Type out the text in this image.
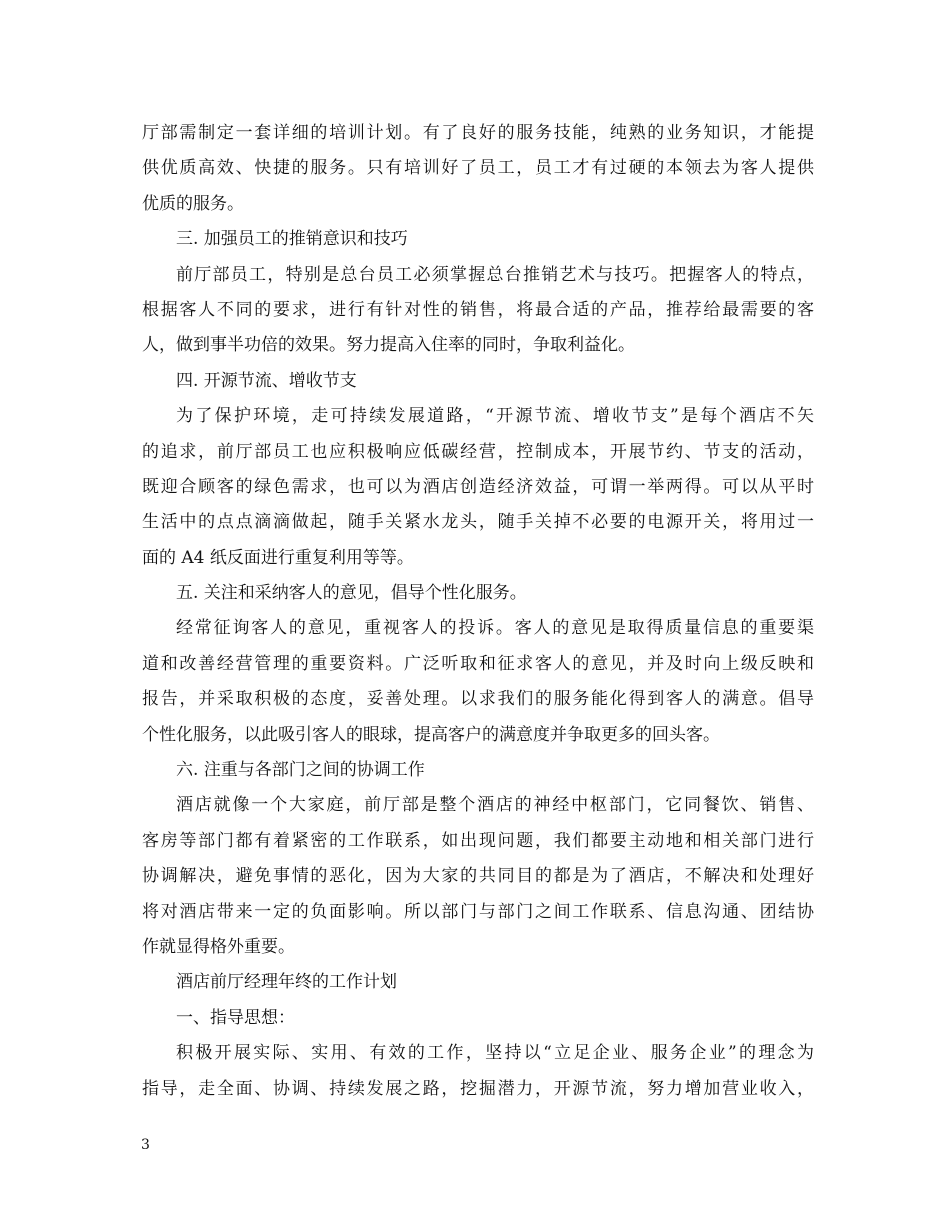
厅部需制定一套详细的培训计划。有了良好的服务技能，纯熟的业务知识，才能提
供优质高效、快捷的服务。只有培训好了员工，员工才有过硬的本领去为客人提供
优质的服务。
三. 加强员工的推销意识和技巧
前厅部员工，特别是总台员工必须掌握总台推销艺术与技巧。把握客人的特点，
根据客人不同的要求，进行有针对性的销售，将最合适的产品，推荐给最需要的客
人，做到事半功倍的效果。努力提高入住率的同时，争取利益化。
四. 开源节流、增收节支
为了保护环境，走可持续发展道路，“开源节流、增收节支”是每个酒店不矢
的追求，前厅部员工也应积极响应低碳经营，控制成本，开展节约、节支的活动，
既迎合顾客的绿色需求，也可以为酒店创造经济效益，可谓一举两得。可以从平时
生活中的点点滴滴做起，随手关紧水龙头，随手关掉不必要的电源开关，将用过一
面的 A4 纸反面进行重复利用等等。
五. 关注和采纳客人的意见，倡导个性化服务。
经常征询客人的意见，重视客人的投诉。客人的意见是取得质量信息的重要渠
道和改善经营管理的重要资料。广泛听取和征求客人的意见，并及时向上级反映和
报告，并采取积极的态度，妥善处理。以求我们的服务能化得到客人的满意。倡导
个性化服务，以此吸引客人的眼球，提高客户的满意度并争取更多的回头客。
六. 注重与各部门之间的协调工作
酒店就像一个大家庭，前厅部是整个酒店的神经中枢部门，它同餐饮、销售、
客房等部门都有着紧密的工作联系，如出现问题，我们都要主动地和相关部门进行
协调解决，避免事情的恶化，因为大家的共同目的都是为了酒店，不解决和处理好
将对酒店带来一定的负面影响。所以部门与部门之间工作联系、信息沟通、团结协
作就显得格外重要。
酒店前厅经理年终的工作计划
一、指导思想：
积极开展实际、实用、有效的工作，坚持以“立足企业、服务企业”的理念为
指导，走全面、协调、持续发展之路，挖掘潜力，开源节流，努力增加营业收入，
3
